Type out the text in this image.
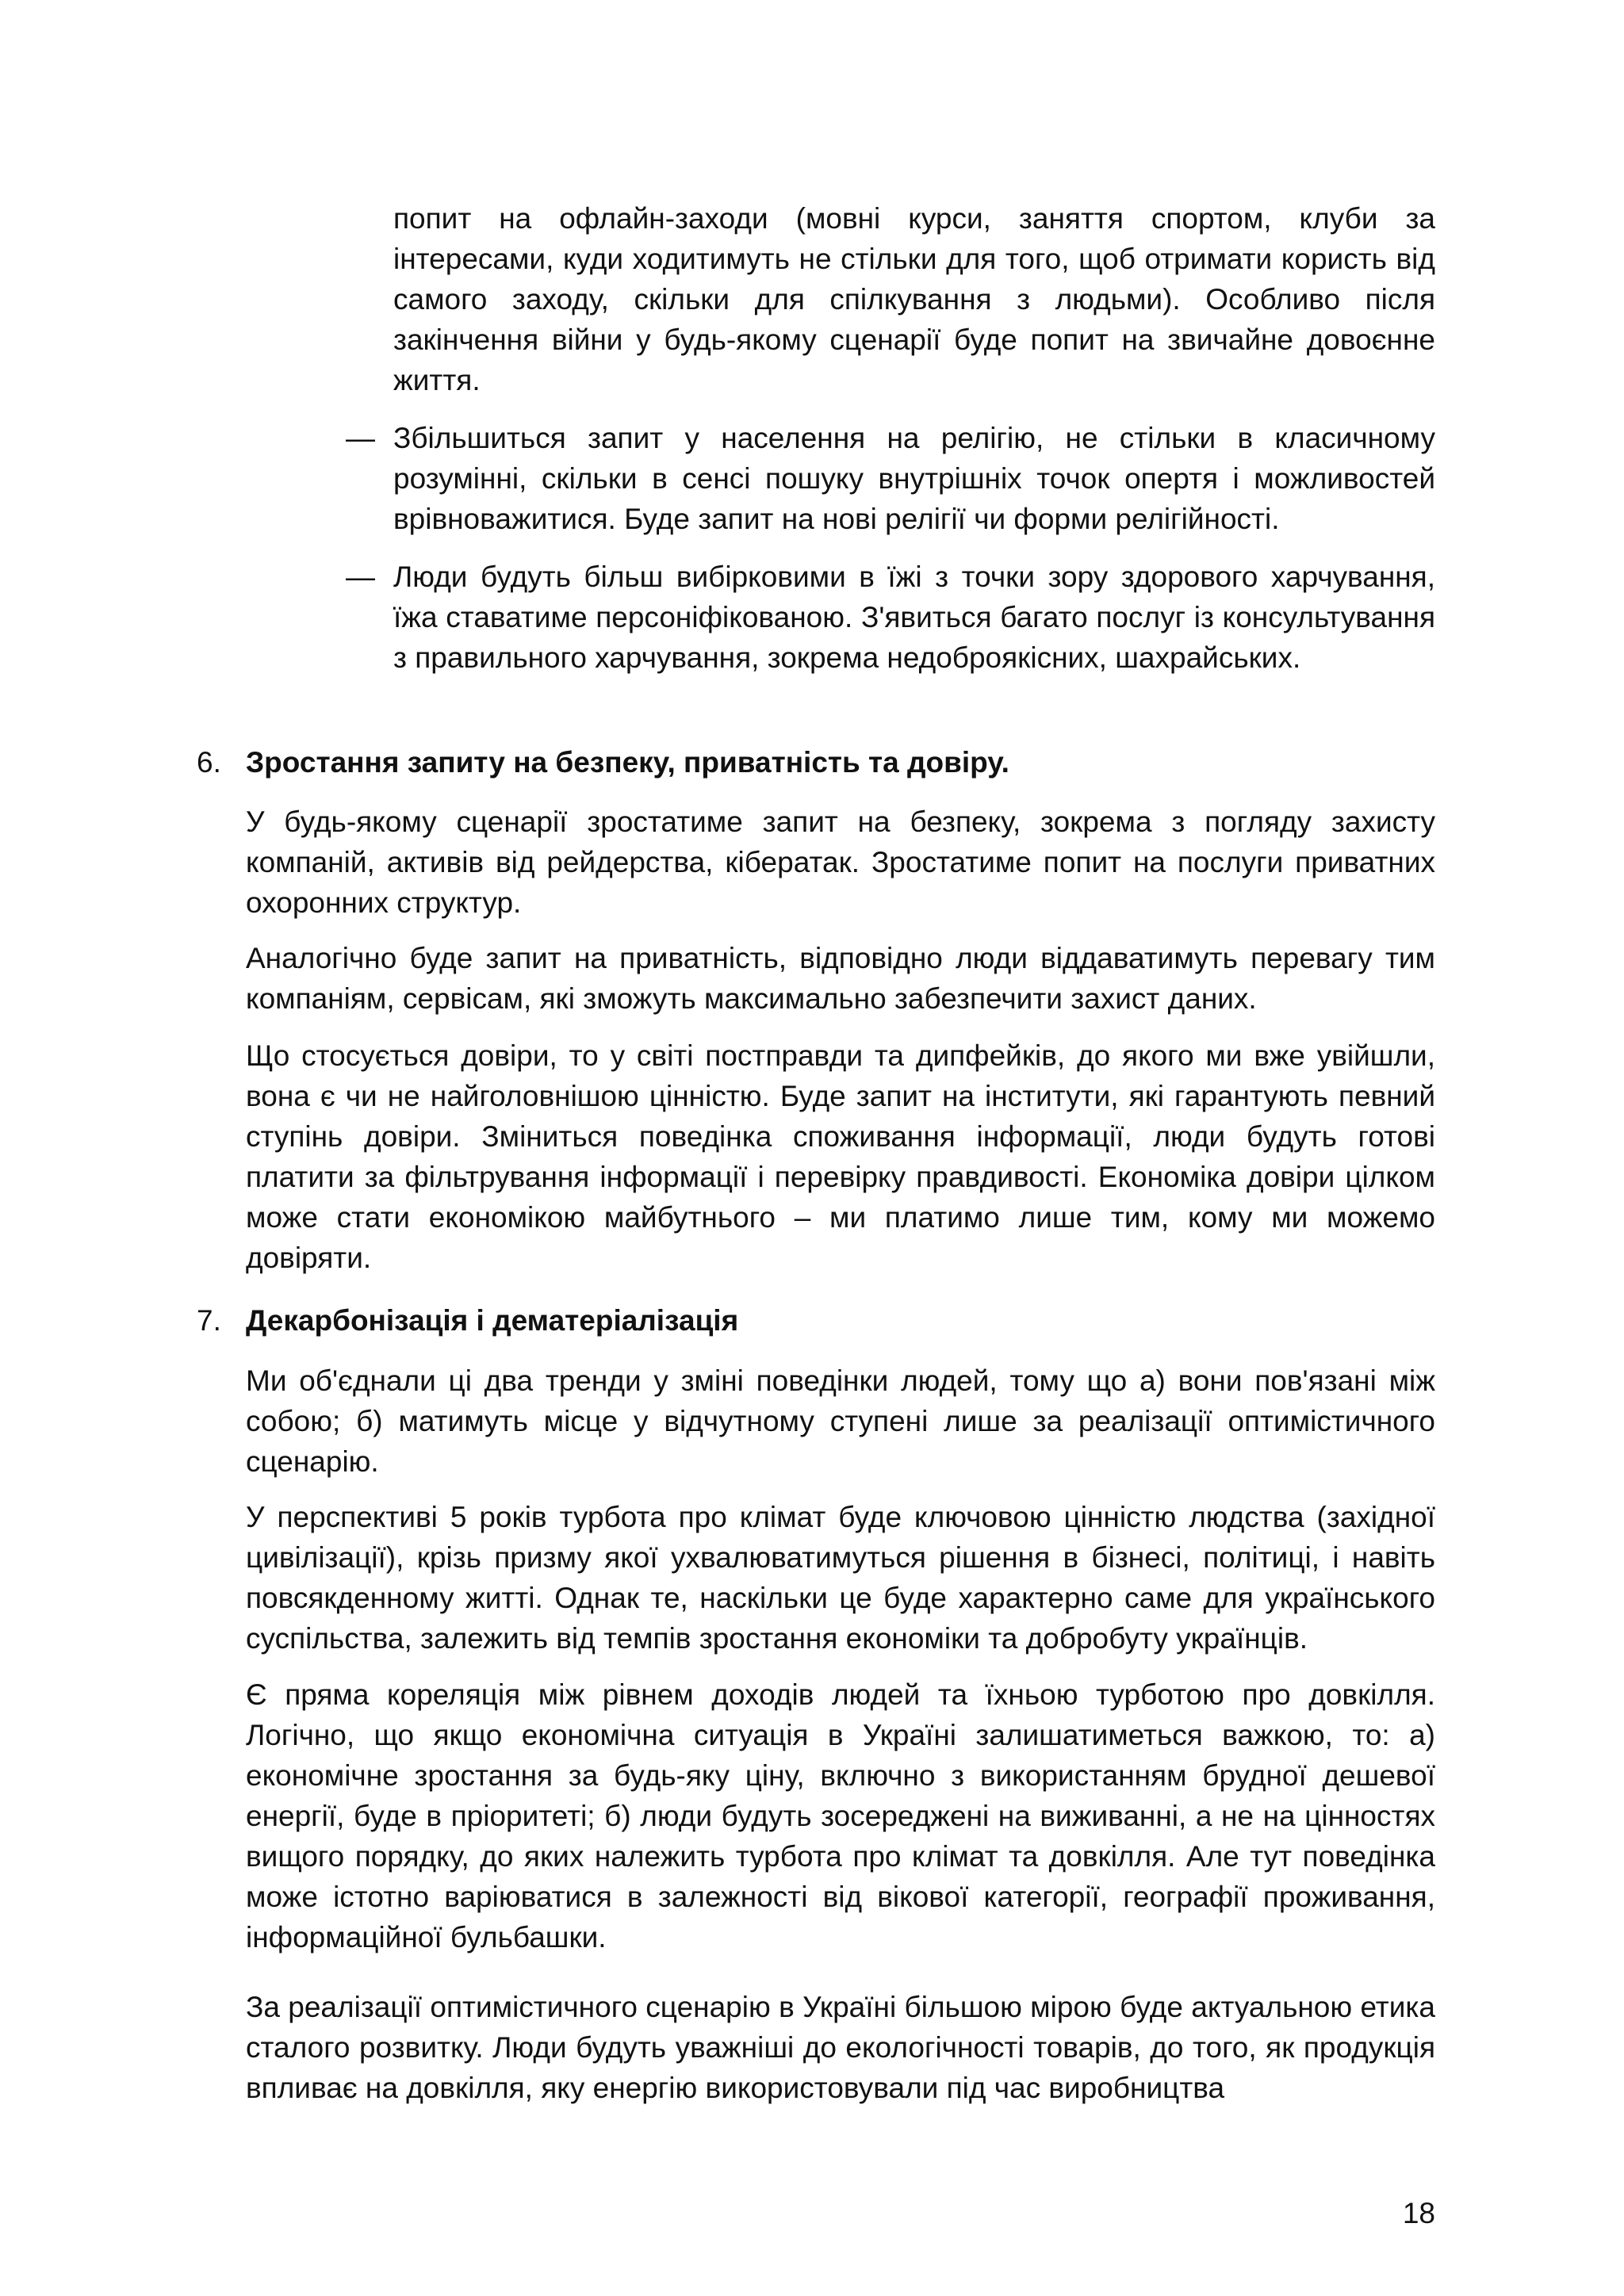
попит на офлайн-заходи (мовні курси, заняття спортом, клуби за інтересами, куди ходитимуть не стільки для того, щоб отримати користь від самого заходу, скільки для спілкування з людьми). Особливо після закінчення війни у будь-якому сценарії буде попит на звичайне довоєнне життя.

— Збільшиться запит у населення на релігію, не стільки в класичному розумінні, скільки в сенсі пошуку внутрішніх точок опертя і можливостей врівноважитися. Буде запит на нові релігії чи форми релігійності.

— Люди будуть більш вибірковими в їжі з точки зору здорового харчування, їжа ставатиме персоніфікованою. З'явиться багато послуг із консультування з правильного харчування, зокрема недоброякісних, шахрайських.

6. Зростання запиту на безпеку, приватність та довіру.

У будь-якому сценарії зростатиме запит на безпеку, зокрема з погляду захисту компаній, активів від рейдерства, кібератак. Зростатиме попит на послуги приватних охоронних структур.

Аналогічно буде запит на приватність, відповідно люди віддаватимуть перевагу тим компаніям, сервісам, які зможуть максимально забезпечити захист даних.

Що стосується довіри, то у світі постправди та дипфейків, до якого ми вже увійшли, вона є чи не найголовнішою цінністю. Буде запит на інститути, які гарантують певний ступінь довіри. Зміниться поведінка споживання інформації, люди будуть готові платити за фільтрування інформації і перевірку правдивості. Економіка довіри цілком може стати економікою майбутнього – ми платимо лише тим, кому ми можемо довіряти.

7. Декарбонізація і дематеріалізація

Ми об'єднали ці два тренди у зміні поведінки людей, тому що а) вони пов'язані між собою; б) матимуть місце у відчутному ступені лише за реалізації оптимістичного сценарію.

У перспективі 5 років турбота про клімат буде ключовою цінністю людства (західної цивілізації), крізь призму якої ухвалюватимуться рішення в бізнесі, політиці, і навіть повсякденному житті. Однак те, наскільки це буде характерно саме для українського суспільства, залежить від темпів зростання економіки та добробуту українців.

Є пряма кореляція між рівнем доходів людей та їхньою турботою про довкілля. Логічно, що якщо економічна ситуація в Україні залишатиметься важкою, то: а) економічне зростання за будь-яку ціну, включно з використанням брудної дешевої енергії, буде в пріоритеті; б) люди будуть зосереджені на виживанні, а не на цінностях вищого порядку, до яких належить турбота про клімат та довкілля. Але тут поведінка може істотно варіюватися в залежності від вікової категорії, географії проживання, інформаційної бульбашки.

За реалізації оптимістичного сценарію в Україні більшою мірою буде актуальною етика сталого розвитку. Люди будуть уважніші до екологічності товарів, до того, як продукція впливає на довкілля, яку енергію використовували під час виробництва

18
